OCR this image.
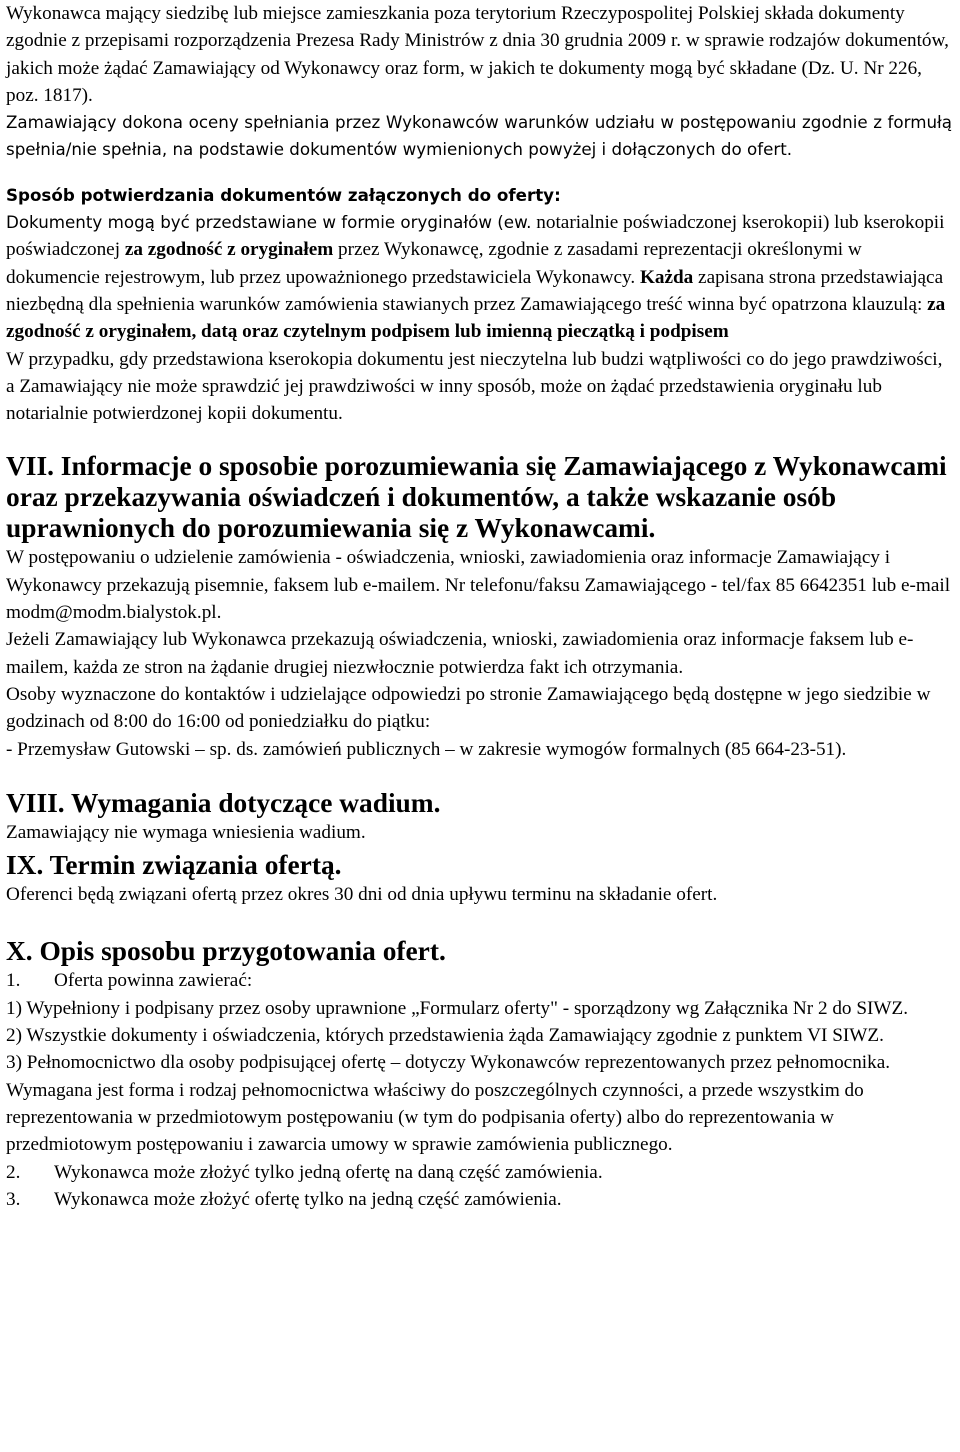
Wykonawca mający siedzibę lub miejsce zamieszkania poza terytorium Rzeczypospolitej Polskiej składa dokumenty zgodnie z przepisami rozporządzenia Prezesa Rady Ministrów z dnia 30 grudnia 2009 r. w sprawie rodzajów dokumentów, jakich może żądać Zamawiający od Wykonawcy oraz form, w jakich te dokumenty mogą być składane (Dz. U. Nr 226, poz. 1817).

Zamawiający dokona oceny spełniania przez Wykonawców warunków udziału w postępowaniu zgodnie z formułą spełnia/nie spełnia, na podstawie dokumentów wymienionych powyżej i dołączonych do ofert.

Sposób potwierdzania dokumentów załączonych do oferty:

Dokumenty mogą być przedstawiane w formie oryginałów (ew. notarialnie poświadczonej kserokopii) lub kserokopii poświadczonej za zgodność z oryginałem przez Wykonawcę, zgodnie z zasadami reprezentacji określonymi w dokumencie rejestrowym, lub przez upoważnionego przedstawiciela Wykonawcy. Każda zapisana strona przedstawiająca niezbędną dla spełnienia warunków zamówienia stawianych przez Zamawiającego treść winna być opatrzona klauzulą: za zgodność z oryginałem, datą oraz czytelnym podpisem lub imienną pieczątką i podpisem

W przypadku, gdy przedstawiona kserokopia dokumentu jest nieczytelna lub budzi wątpliwości co do jego prawdziwości, a Zamawiający nie może sprawdzić jej prawdziwości w inny sposób, może on żądać przedstawienia oryginału lub notarialnie potwierdzonej kopii dokumentu.

VII. Informacje o sposobie porozumiewania się Zamawiającego z Wykonawcami oraz przekazywania oświadczeń i dokumentów, a także wskazanie osób uprawnionych do porozumiewania się z Wykonawcami.

W postępowaniu o udzielenie zamówienia - oświadczenia, wnioski, zawiadomienia oraz informacje Zamawiający i Wykonawcy przekazują pisemnie, faksem lub e-mailem. Nr telefonu/faksu Zamawiającego - tel/fax 85 6642351 lub e-mail modm@modm.bialystok.pl.

Jeżeli Zamawiający lub Wykonawca przekazują oświadczenia, wnioski, zawiadomienia oraz informacje faksem lub e-mailem, każda ze stron na żądanie drugiej niezwłocznie potwierdza fakt ich otrzymania.

Osoby wyznaczone do kontaktów i udzielające odpowiedzi po stronie Zamawiającego będą dostępne w jego siedzibie w godzinach od 8:00 do 16:00 od poniedziałku do piątku:

- Przemysław Gutowski – sp. ds. zamówień publicznych – w zakresie wymogów formalnych (85 664-23-51).

VIII. Wymagania dotyczące wadium.

Zamawiający nie wymaga wniesienia wadium.

IX. Termin związania ofertą.

Oferenci będą związani ofertą przez okres 30 dni od dnia upływu terminu na składanie ofert.

X. Opis sposobu przygotowania ofert.

1. Oferta powinna zawierać:

1) Wypełniony i podpisany przez osoby uprawnione „Formularz oferty" - sporządzony wg Załącznika Nr 2 do SIWZ.

2) Wszystkie dokumenty i oświadczenia, których przedstawienia żąda Zamawiający zgodnie z punktem VI SIWZ.

3) Pełnomocnictwo dla osoby podpisującej ofertę – dotyczy Wykonawców reprezentowanych przez pełnomocnika. Wymagana jest forma i rodzaj pełnomocnictwa właściwy do poszczególnych czynności, a przede wszystkim do reprezentowania w przedmiotowym postępowaniu (w tym do podpisania oferty) albo do reprezentowania w przedmiotowym postępowaniu i zawarcia umowy w sprawie zamówienia publicznego.

2. Wykonawca może złożyć tylko jedną ofertę na daną część zamówienia.

3. Wykonawca może złożyć ofertę tylko na jedną część zamówienia.
